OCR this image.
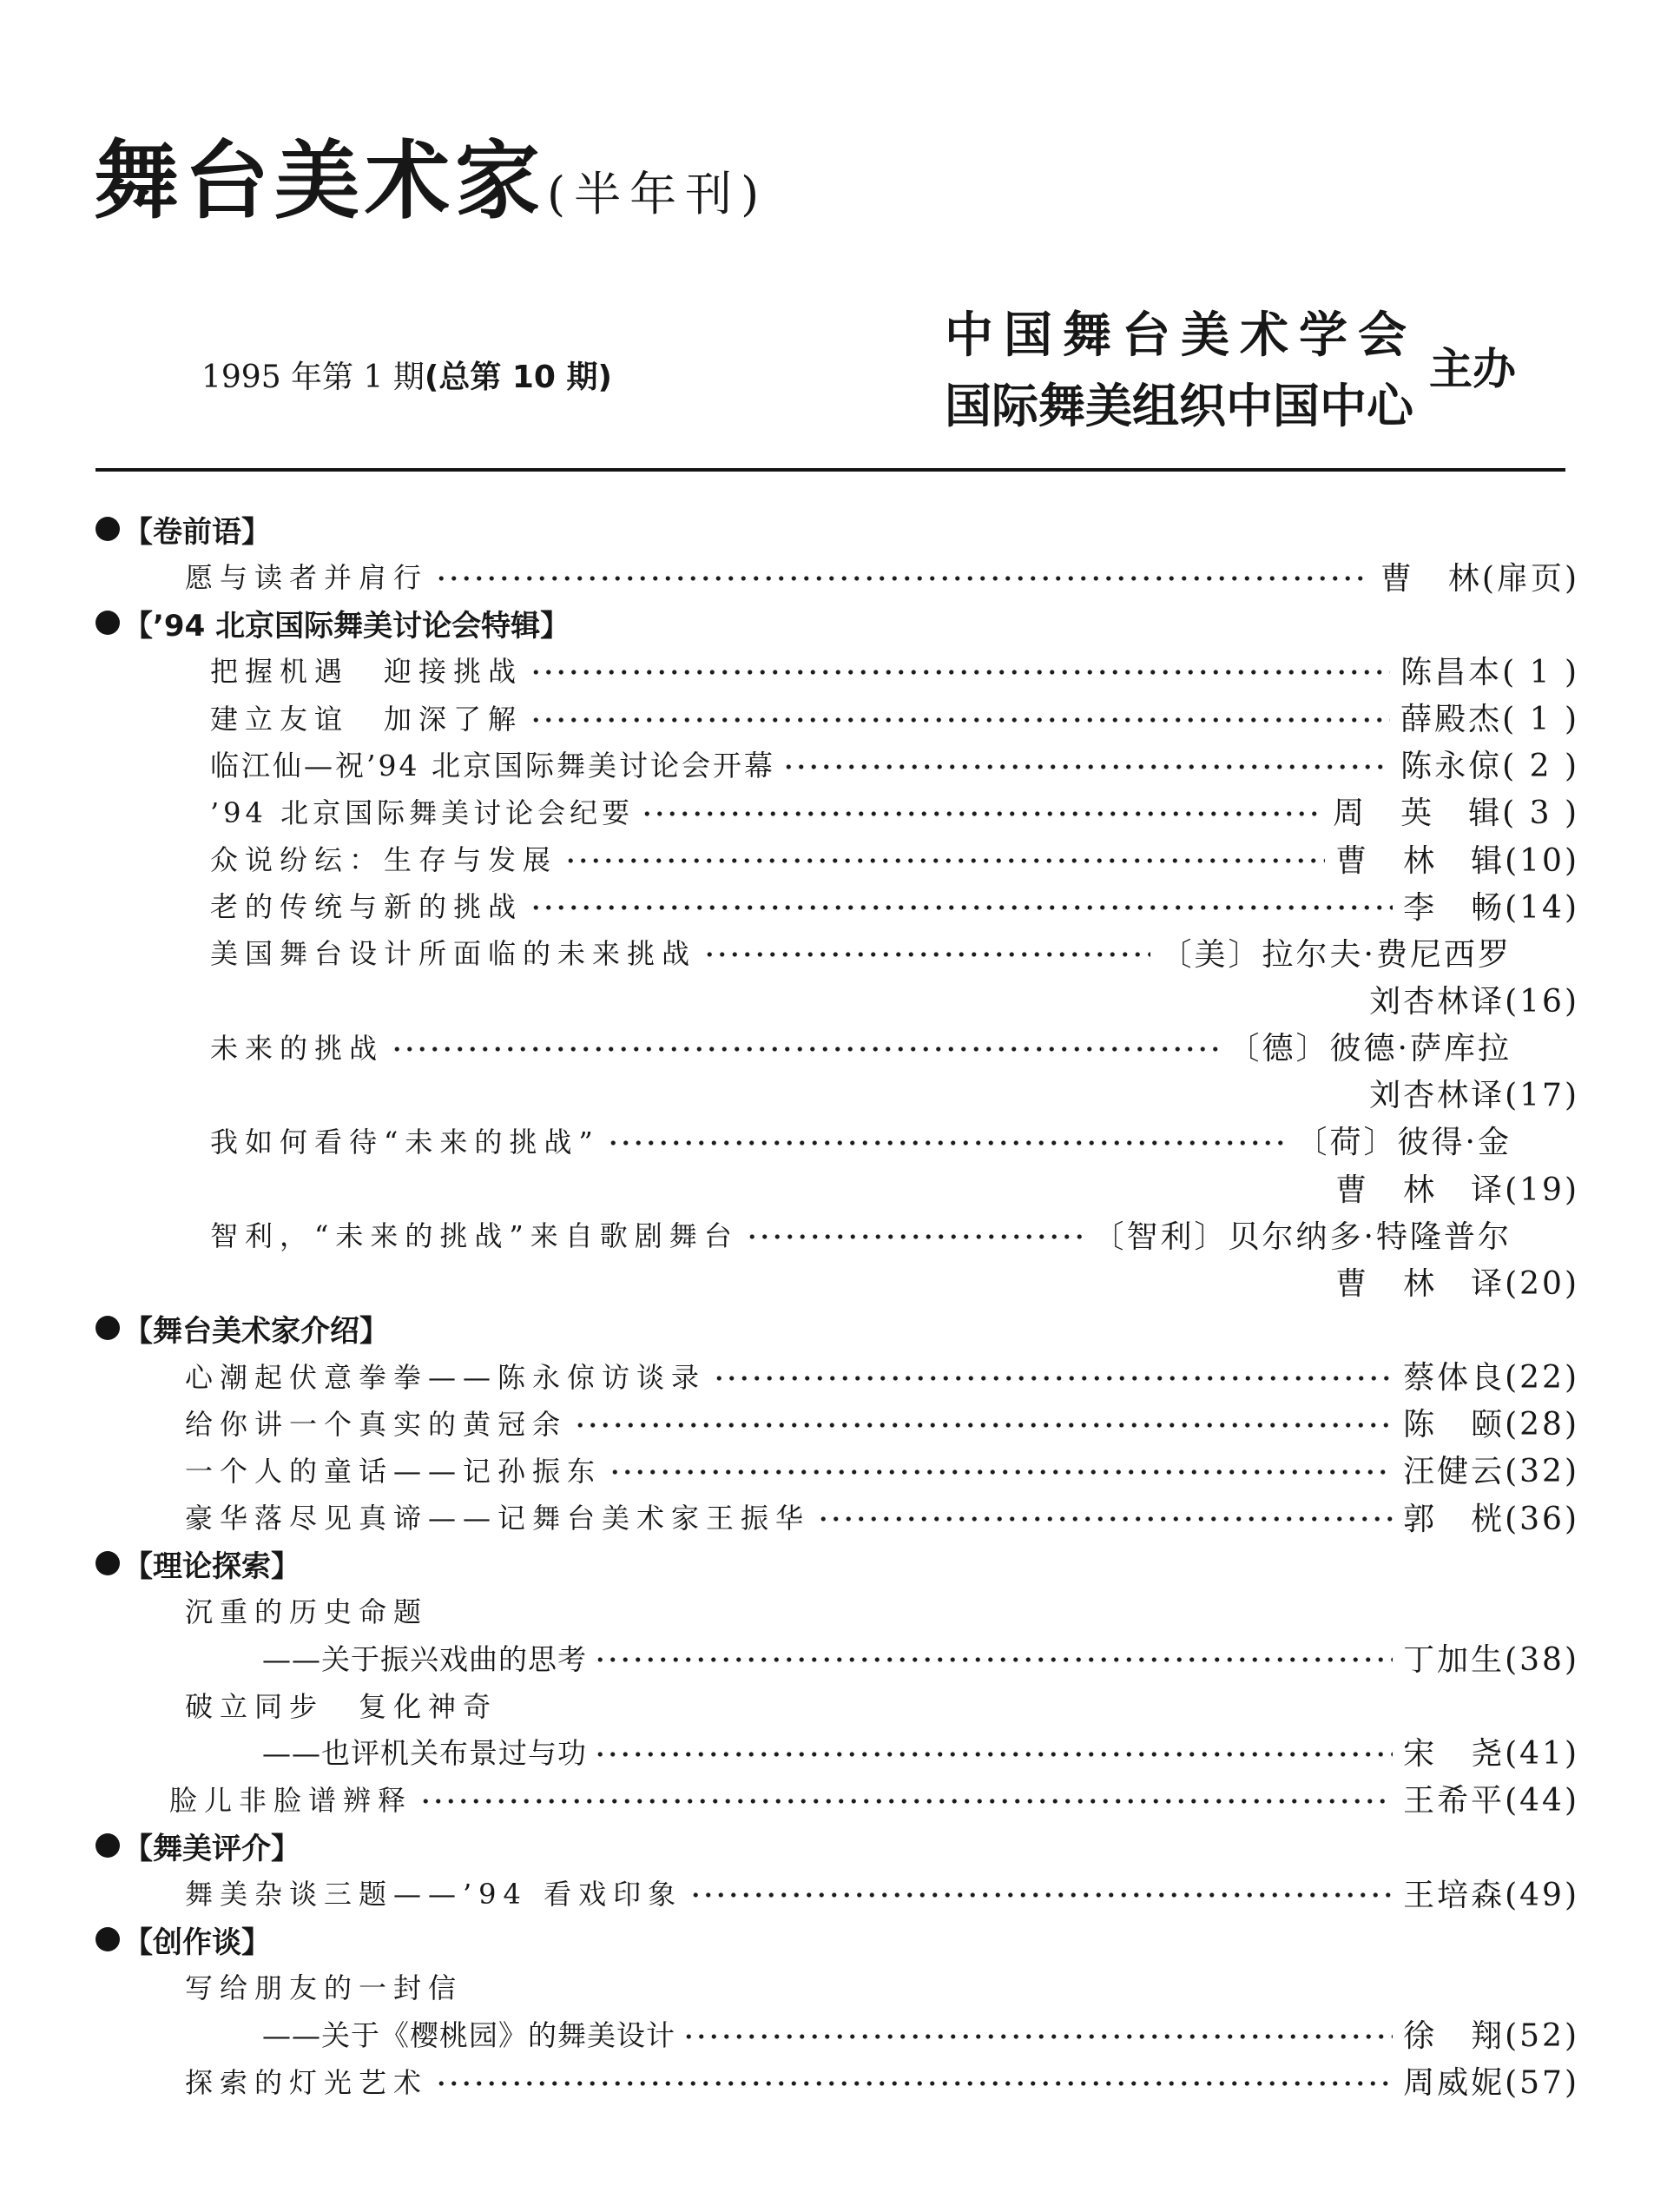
舞台美术家 (半年刊)
1995 年第 1 期(总第 10 期)
中国舞台美术学会
国际舞美组织中国中心
主办
【卷前语】
愿与读者并肩行	曹　林(扉页)
【’94 北京国际舞美讨论会特辑】
把握机遇　迎接挑战	陈昌本( 1 )
建立友谊　加深了解	薛殿杰( 1 )
临江仙—祝’94 北京国际舞美讨论会开幕	陈永倞( 2 )
’94 北京国际舞美讨论会纪要	周　英　辑( 3 )
众说纷纭：生存与发展	曹　林　辑(10)
老的传统与新的挑战	李　畅(14)
美国舞台设计所面临的未来挑战	〔美〕拉尔夫·费尼西罗
刘杏林译(16)
未来的挑战	〔德〕彼德·萨库拉
刘杏林译(17)
我如何看待“未来的挑战”	〔荷〕彼得·金
曹　林　译(19)
智利，“未来的挑战”来自歌剧舞台	〔智利〕贝尔纳多·特隆普尔
曹　林　译(20)
【舞台美术家介绍】
心潮起伏意拳拳——陈永倞访谈录	蔡体良(22)
给你讲一个真实的黄冠余	陈　颐(28)
一个人的童话——记孙振东	汪健云(32)
豪华落尽见真谛——记舞台美术家王振华	郭　桄(36)
【理论探索】
沉重的历史命题
——关于振兴戏曲的思考	丁加生(38)
破立同步　复化神奇
——也评机关布景过与功	宋　尧(41)
脸儿非脸谱辨释	王希平(44)
【舞美评介】
舞美杂谈三题——’94 看戏印象	王培森(49)
【创作谈】
写给朋友的一封信
——关于《樱桃园》的舞美设计	徐　翔(52)
探索的灯光艺术	周威妮(57)
